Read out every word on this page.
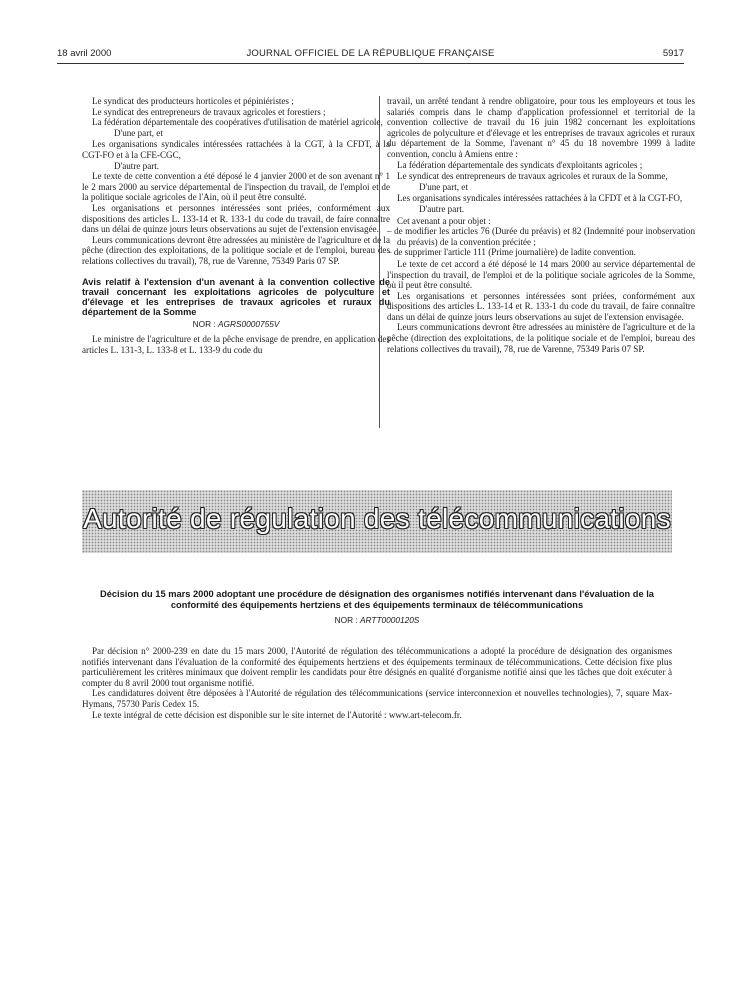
18 avril 2000	JOURNAL OFFICIEL DE LA RÉPUBLIQUE FRANÇAISE	5917

Le syndicat des producteurs horticoles et pépiniéristes ;

Le syndicat des entrepreneurs de travaux agricoles et forestiers ;

La fédération départementale des coopératives d'utilisation de matériel agricole,

D'une part, et

Les organisations syndicales intéressées rattachées à la CGT, à la CFDT, à la CGT-FO et à la CFE-CGC,

D'autre part.

Le texte de cette convention a été déposé le 4 janvier 2000 et de son avenant n° 1 le 2 mars 2000 au service départemental de l'inspection du travail, de l'emploi et de la politique sociale agricoles de l'Ain, où il peut être consulté.

Les organisations et personnes intéressées sont priées, conformément aux dispositions des articles L. 133-14 et R. 133-1 du code du travail, de faire connaître dans un délai de quinze jours leurs observations au sujet de l'extension envisagée.

Leurs communications devront être adressées au ministère de l'agriculture et de la pêche (direction des exploitations, de la politique sociale et de l'emploi, bureau des relations collectives du travail), 78, rue de Varenne, 75349 Paris 07 SP.

Avis relatif à l'extension d'un avenant à la convention collective de travail concernant les exploitations agricoles de polyculture et d'élevage et les entreprises de travaux agricoles et ruraux du département de la Somme
NOR : AGRS0000755V

Le ministre de l'agriculture et de la pêche envisage de prendre, en application des articles L. 131-3, L. 133-8 et L. 133-9 du code du

travail, un arrêté tendant à rendre obligatoire, pour tous les employeurs et tous les salariés compris dans le champ d'application professionnel et territorial de la convention collective de travail du 16 juin 1982 concernant les exploitations agricoles de polyculture et d'élevage et les entreprises de travaux agricoles et ruraux du département de la Somme, l'avenant n° 45 du 18 novembre 1999 à ladite convention, conclu à Amiens entre :

La fédération départementale des syndicats d'exploitants agricoles ;

Le syndicat des entrepreneurs de travaux agricoles et ruraux de la Somme,

D'une part, et

Les organisations syndicales intéressées rattachées à la CFDT et à la CGT-FO,

D'autre part.

Cet avenant a pour objet :

– de modifier les articles 76 (Durée du préavis) et 82 (Indemnité pour inobservation du préavis) de la convention précitée ;
– de supprimer l'article 111 (Prime journalière) de ladite convention.

Le texte de cet accord a été déposé le 14 mars 2000 au service départemental de l'inspection du travail, de l'emploi et de la politique sociale agricoles de la Somme, où il peut être consulté.

Les organisations et personnes intéressées sont priées, conformément aux dispositions des articles L. 133-14 et R. 133-1 du code du travail, de faire connaître dans un délai de quinze jours leurs observations au sujet de l'extension envisagée.

Leurs communications devront être adressées au ministère de l'agriculture et de la pêche (direction des exploitations, de la politique sociale et de l'emploi, bureau des relations collectives du travail), 78, rue de Varenne, 75349 Paris 07 SP.

Autorité de régulation des télécommunications
Décision du 15 mars 2000 adoptant une procédure de désignation des organismes notifiés intervenant dans l'évaluation de la conformité des équipements hertziens et des équipements terminaux de télécommunications
NOR : ARTT0000120S

Par décision n° 2000-239 en date du 15 mars 2000, l'Autorité de régulation des télécommunications a adopté la procédure de désignation des organismes notifiés intervenant dans l'évaluation de la conformité des équipements hertziens et des équipements terminaux de télécommunications. Cette décision fixe plus particulièrement les critères minimaux que doivent remplir les candidats pour être désignés en qualité d'organisme notifié ainsi que les tâches que doit exécuter à compter du 8 avril 2000 tout organisme notifié.

Les candidatures doivent être déposées à l'Autorité de régulation des télécommunications (service interconnexion et nouvelles technologies), 7, square Max-Hymans, 75730 Paris Cedex 15.

Le texte intégral de cette décision est disponible sur le site internet de l'Autorité : www.art-telecom.fr.
